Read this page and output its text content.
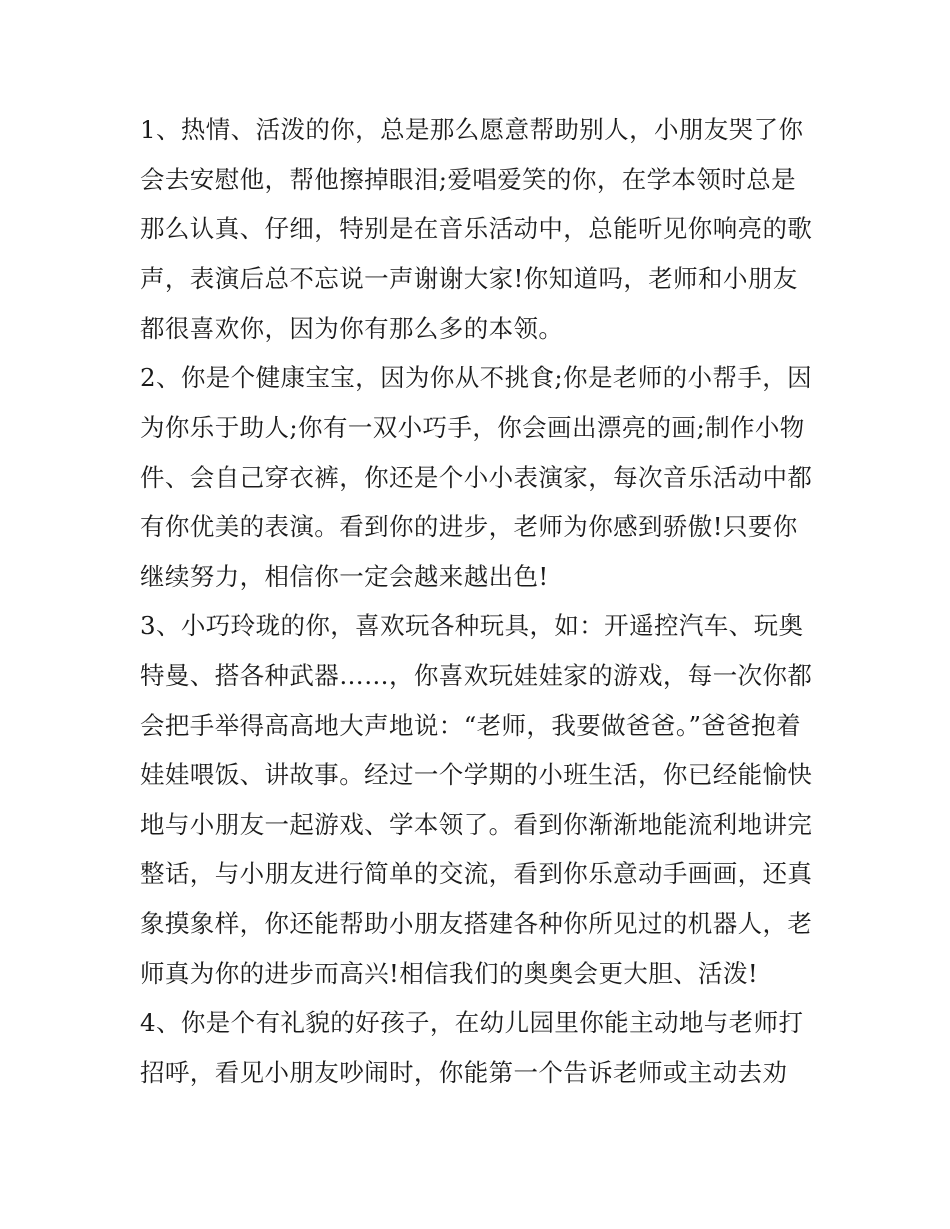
1、热情、活泼的你，总是那么愿意帮助别人，小朋友哭了你
会去安慰他，帮他擦掉眼泪;爱唱爱笑的你，在学本领时总是
那么认真、仔细，特别是在音乐活动中，总能听见你响亮的歌
声，表演后总不忘说一声谢谢大家!你知道吗，老师和小朋友
都很喜欢你，因为你有那么多的本领。
2、你是个健康宝宝，因为你从不挑食;你是老师的小帮手，因
为你乐于助人;你有一双小巧手，你会画出漂亮的画;制作小物
件、会自己穿衣裤，你还是个小小表演家，每次音乐活动中都
有你优美的表演。看到你的进步，老师为你感到骄傲!只要你
继续努力，相信你一定会越来越出色!
3、小巧玲珑的你，喜欢玩各种玩具，如：开遥控汽车、玩奥
特曼、搭各种武器……，你喜欢玩娃娃家的游戏，每一次你都
会把手举得高高地大声地说：“老师，我要做爸爸。”爸爸抱着
娃娃喂饭、讲故事。经过一个学期的小班生活，你已经能愉快
地与小朋友一起游戏、学本领了。看到你渐渐地能流利地讲完
整话，与小朋友进行简单的交流，看到你乐意动手画画，还真
象摸象样，你还能帮助小朋友搭建各种你所见过的机器人，老
师真为你的进步而高兴!相信我们的奥奥会更大胆、活泼!
4、你是个有礼貌的好孩子，在幼儿园里你能主动地与老师打
招呼，看见小朋友吵闹时，你能第一个告诉老师或主动去劝
